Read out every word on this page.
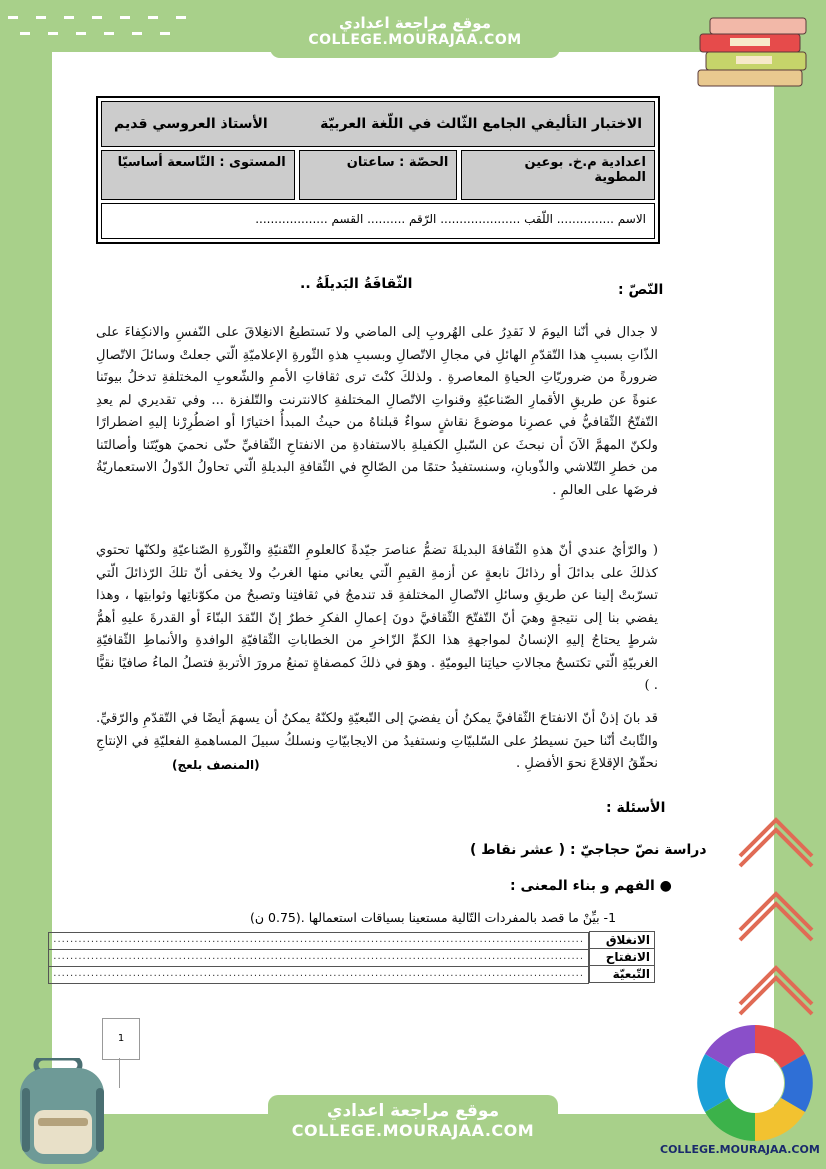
موقع مراجعة اعدادي
COLLEGE.MOURAJAA.COM
الاختبار التأليفي الجامع الثّالث في اللّغة العربيّة
الأستاذ العروسي قديم
اعدادية م.خ. بوعين المطوية
الحصّة : ساعتان
المستوى : التّاسعة أساسيّا
الاسم ............... اللّقب ..................... الرّقم .......... القسم ...................
النّصّ :
الثّقافَةُ البَديلَةُ ..
لا جدال في أنّنا اليومَ لا نَقدِرُ على الهُروبِ إلى الماضي ولا نَستطيعُ الانغِلاقَ على النّفسِ والانكِفاءَ على الذّاتِ بسببِ هذا التّقدّمِ الهائلِ في مجالِ الاتّصالِ وبسببِ هذهِ الثّورةِ الإعلاميّةِ الّتي جعلتْ وسائلَ الاتّصالِ ضرورةً من ضروريّاتِ الحياةِ المعاصرةِ . ولذلكَ كنْتَ ترى ثقافاتِ الأممِ والشّعوبِ المختلفةِ تدخلُ بيوتَنا عنوةً عن طريقِ الأقمارِ الصّناعيّةِ وقنواتِ الاتّصالِ المختلفةِ كالانترنت والتّلفزة ... وفي تقديري لم يعدِ التّفتّحُ الثّقافيُّ في عصرِنا موضوعَ نقاشٍ سواءٌ قبلناهُ من حيثُ المبدأُ اختيارًا أو اضطُرِرْنا إليهِ اضطرارًا ولكنّ المهمَّ الآنَ أن نبحثَ عن السّبلِ الكفيلةِ بالاستفادةِ من الانفتاحِ الثّقافيِّ حتّى نحميَ هويّتَنا وأصالتَنا من خطرِ التّلاشي والذّوبانِ، وسنستفيدُ حتمًا من الصّالحِ في الثّقافةِ البديلةِ الّتي تحاولُ الدّولُ الاستعماريّةُ فرضَها على العالمِ .
( والرّأيُ عندي أنّ هذهِ الثّقافةَ البديلةَ تضمُّ عناصرَ جيّدةً كالعلومِ التّقنيّةِ والثّورةِ الصّناعيّةِ ولكنّها تحتوي كذلكَ على بدائلَ أو رذائلَ نابعةٍ عن أزمةِ القيمِ الّتي يعاني منها الغربُ ولا يخفى أنّ تلكَ الرّذائلَ الّتي تسرّبتْ إلينا عن طريقِ وسائلِ الاتّصالِ المختلفةِ قد تندمجُ في ثقافتِنا وتصبحُ من مكوّناتِها وثوابتِها ، وهذا يفضي بنا إلى نتيجةٍ وهيَ أنّ التّفتّحَ الثّقافيَّ دونَ إعمالِ الفكرِ خطرٌ إنّ النّقدَ البنّاءَ أو القدرةَ عليهِ أهمُّ شرطٍ يحتاجُ إليهِ الإنسانُ لمواجهةِ هذا الكمِّ الزّاخرِ من الخطاباتِ الثّقافيّةِ الوافدةِ والأنماطِ الثّقافيّةِ الغربيّةِ الّتي تكتسحُ مجالاتِ حياتِنا اليوميّةِ . وهوَ في ذلكَ كمصفاةٍ تمنعُ مرورَ الأتربةِ فتصلُ الماءُ صافيًا نقيًّا . )
قد بانَ إذنْ أنّ الانفتاحَ الثّقافيَّ يمكنُ أن يفضيَ إلى التّبعيّةِ ولكنّهُ يمكنُ أن يسهمَ أيضًا في التّقدّمِ والرّقيِّ. والثّابتُ أنّنا حينَ نسيطرُ على السّلبيّاتِ ونستفيدُ من الايجابيّاتِ ونسلكُ سبيلَ المساهمةِ الفعليّةِ في الإنتاجِ نحقّقُ الإقلاعَ نحوَ الأفضلِ .
(المنصف بلعج)
الأسئلة :
دراسة نصّ حجاجيّ : ( عشر نقاط )
● الفهم و بناء المعنى :
1- بيِّنْ ما قصد بالمفردات التّالية مستعينا بسياقات استعمالها .(0.75 ن)
الانغلاق	
...............................................................................................................................

الانفتاح	
...............................................................................................................................

التّبعيّة	
...............................................................................................................................
1
موقع مراجعة اعدادي
COLLEGE.MOURAJAA.COM
COLLEGE.MOURAJAA.COM
